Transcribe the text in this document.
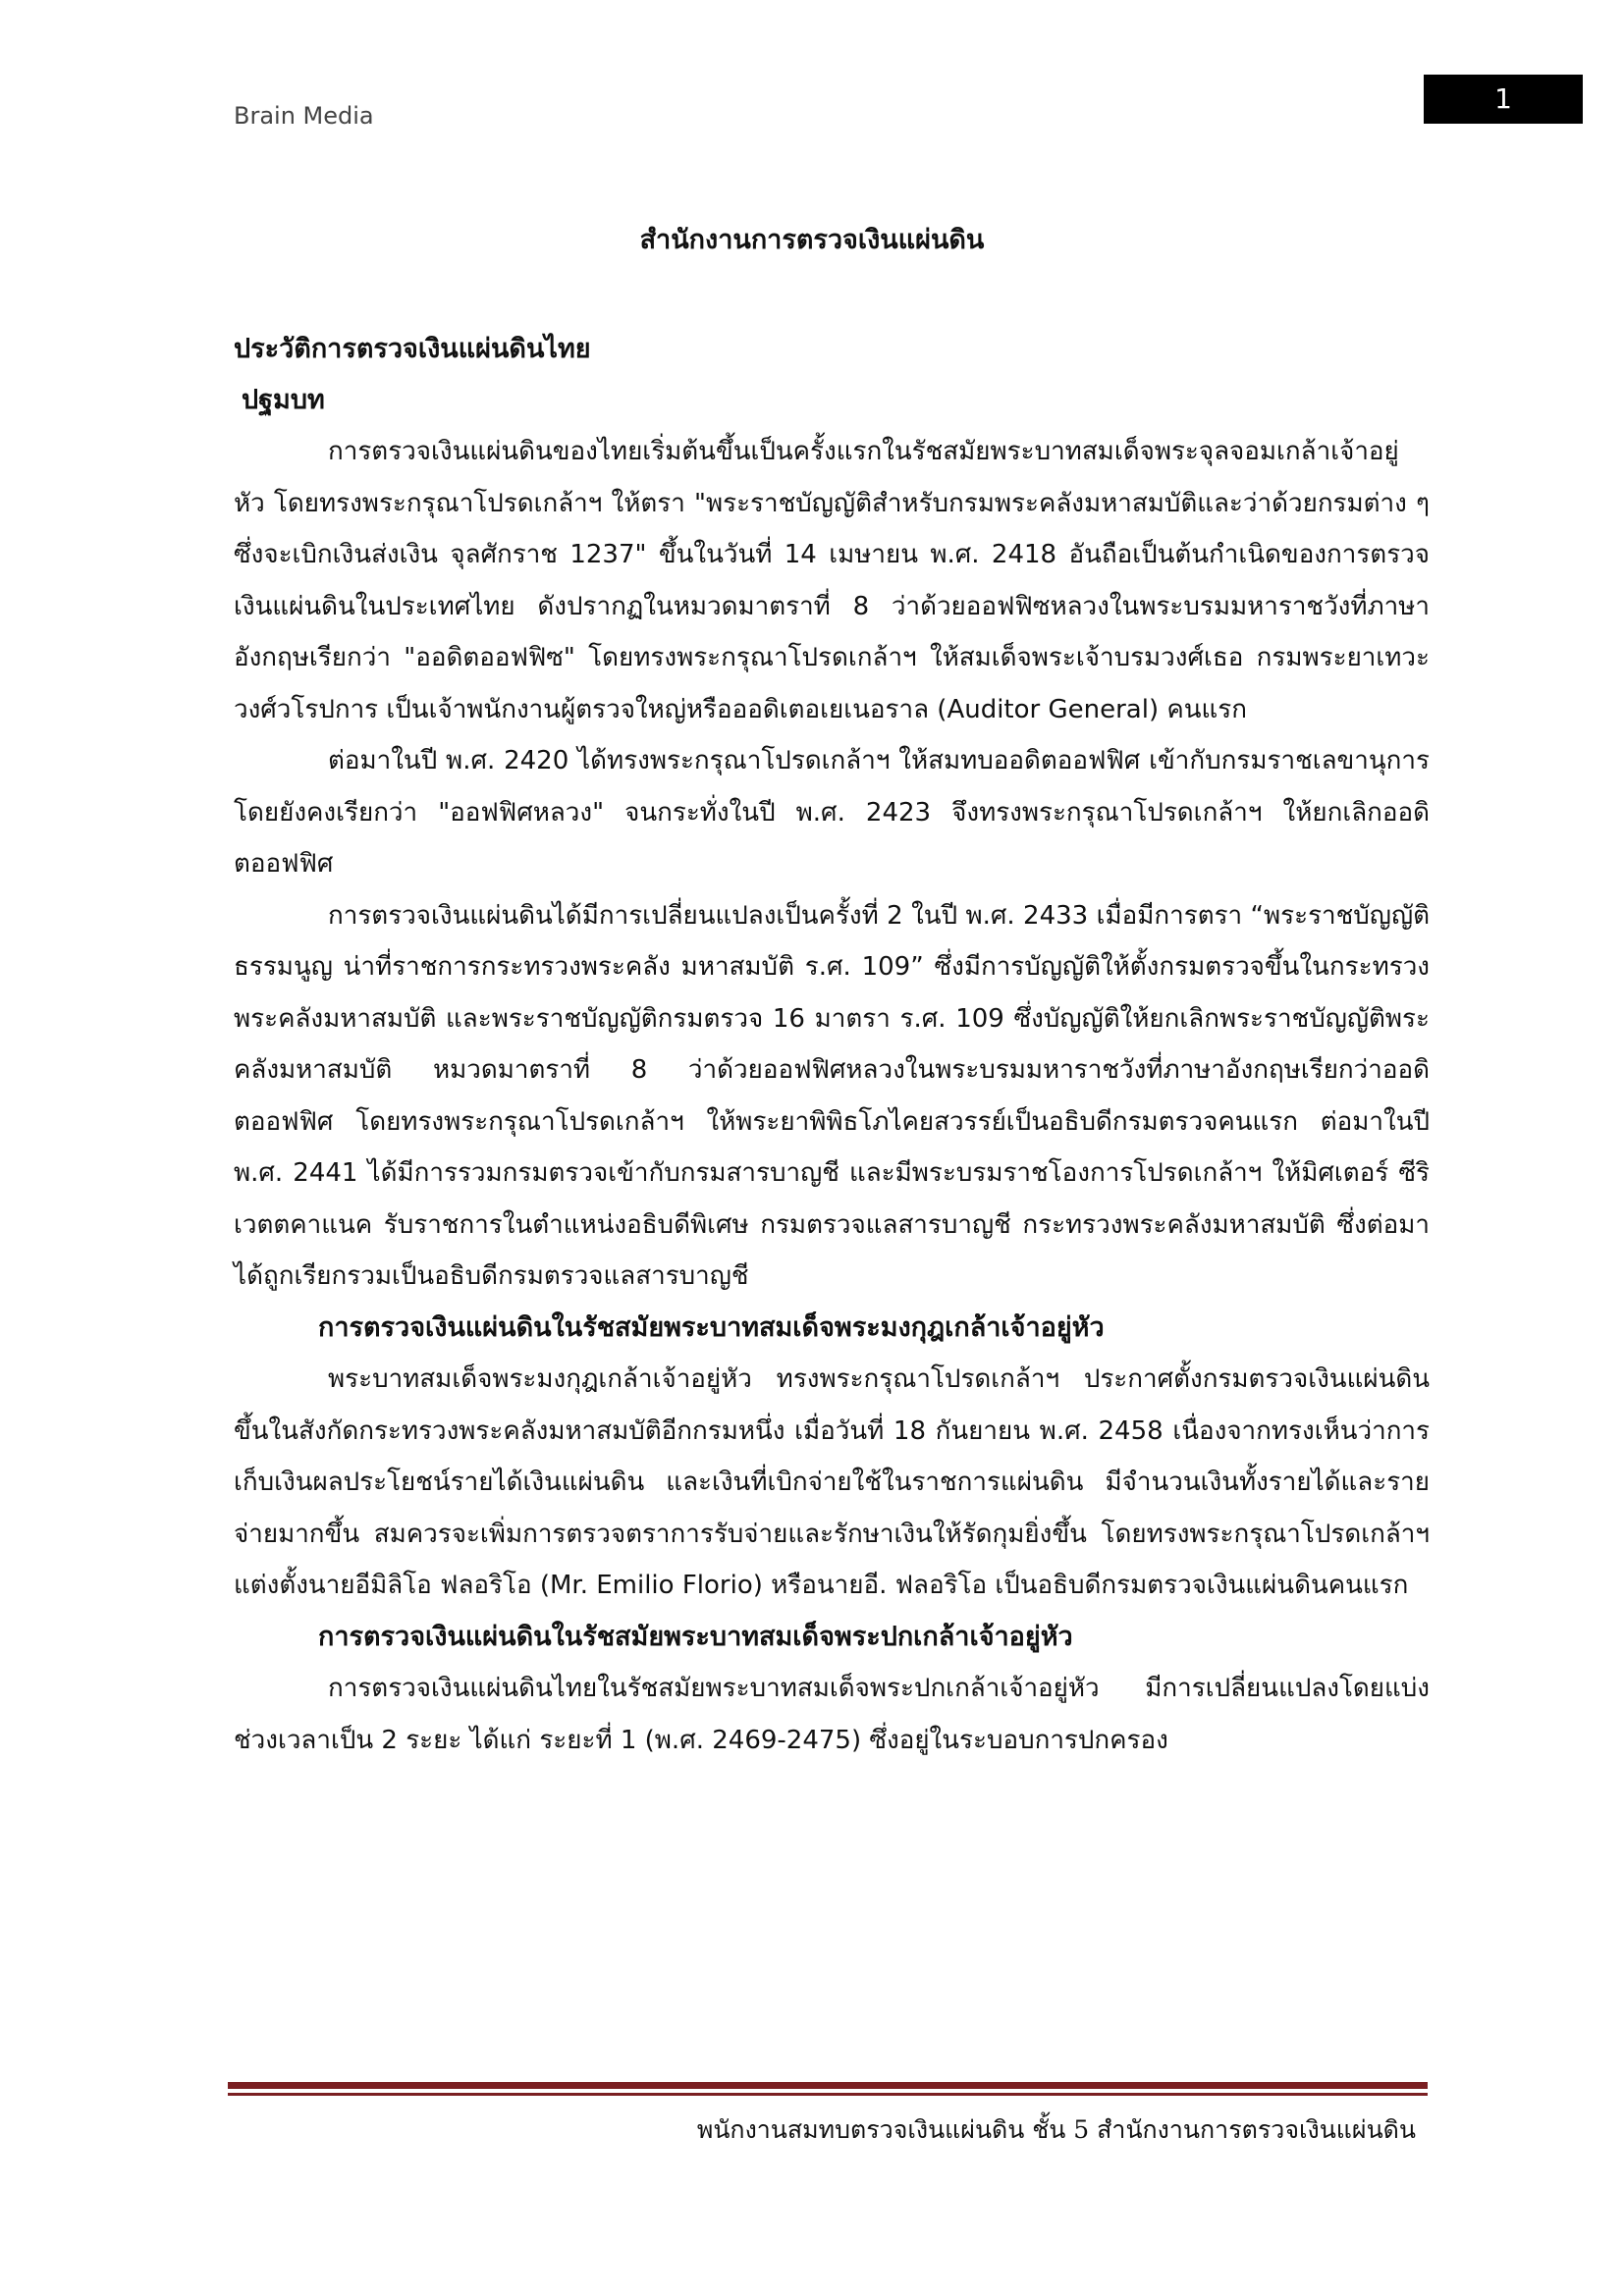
Brain Media
1
สำนักงานการตรวจเงินแผ่นดิน

ประวัติการตรวจเงินแผ่นดินไทย

ปฐมบท

การตรวจเงินแผ่นดินของไทยเริ่มต้นขึ้นเป็นครั้งแรกในรัชสมัยพระบาทสมเด็จพระจุลจอมเกล้าเจ้าอยู่หัว โดยทรงพระกรุณาโปรดเกล้าฯ ให้ตรา "พระราชบัญญัติสำหรับกรมพระคลังมหาสมบัติและว่าด้วยกรมต่าง ๆ ซึ่งจะเบิกเงินส่งเงิน จุลศักราช 1237" ขึ้นในวันที่ 14 เมษายน พ.ศ. 2418 อันถือเป็นต้นกำเนิดของการตรวจเงินแผ่นดินในประเทศไทย ดังปรากฏในหมวดมาตราที่ 8 ว่าด้วยออฟฟิซหลวงในพระบรมมหาราชวังที่ภาษาอังกฤษเรียกว่า "ออดิตออฟฟิซ" โดยทรงพระกรุณาโปรดเกล้าฯ ให้สมเด็จพระเจ้าบรมวงศ์เธอ กรมพระยาเทวะวงศ์วโรปการ เป็นเจ้าพนักงานผู้ตรวจใหญ่หรือออดิเตอเยเนอราล (Auditor General) คนแรก

ต่อมาในปี พ.ศ. 2420 ได้ทรงพระกรุณาโปรดเกล้าฯ ให้สมทบออดิตออฟฟิศ เข้ากับกรมราชเลขานุการโดยยังคงเรียกว่า "ออฟฟิศหลวง" จนกระทั่งในปี พ.ศ. 2423 จึงทรงพระกรุณาโปรดเกล้าฯ ให้ยกเลิกออดิตออฟฟิศ

การตรวจเงินแผ่นดินได้มีการเปลี่ยนแปลงเป็นครั้งที่ 2 ในปี พ.ศ. 2433 เมื่อมีการตรา “พระราชบัญญัติธรรมนูญ น่าที่ราชการกระทรวงพระคลัง มหาสมบัติ ร.ศ. 109” ซึ่งมีการบัญญัติให้ตั้งกรมตรวจขึ้นในกระทรวงพระคลังมหาสมบัติ และพระราชบัญญัติกรมตรวจ 16 มาตรา ร.ศ. 109 ซึ่งบัญญัติให้ยกเลิกพระราชบัญญัติพระคลังมหาสมบัติ หมวดมาตราที่ 8 ว่าด้วยออฟฟิศหลวงในพระบรมมหาราชวังที่ภาษาอังกฤษเรียกว่าออดิตออฟฟิศ โดยทรงพระกรุณาโปรดเกล้าฯ ให้พระยาพิพิธโภไคยสวรรย์เป็นอธิบดีกรมตรวจคนแรก ต่อมาในปี พ.ศ. 2441 ได้มีการรวมกรมตรวจเข้ากับกรมสารบาญชี และมีพระบรมราชโองการโปรดเกล้าฯ ให้มิศเตอร์ ซีริเวตตคาแนค รับราชการในตำแหน่งอธิบดีพิเศษ กรมตรวจแลสารบาญชี กระทรวงพระคลังมหาสมบัติ ซึ่งต่อมาได้ถูกเรียกรวมเป็นอธิบดีกรมตรวจแลสารบาญชี

การตรวจเงินแผ่นดินในรัชสมัยพระบาทสมเด็จพระมงกุฎเกล้าเจ้าอยู่หัว

พระบาทสมเด็จพระมงกุฎเกล้าเจ้าอยู่หัว ทรงพระกรุณาโปรดเกล้าฯ ประกาศตั้งกรมตรวจเงินแผ่นดินขึ้นในสังกัดกระทรวงพระคลังมหาสมบัติอีกกรมหนึ่ง เมื่อวันที่ 18 กันยายน พ.ศ. 2458 เนื่องจากทรงเห็นว่าการเก็บเงินผลประโยชน์รายได้เงินแผ่นดิน และเงินที่เบิกจ่ายใช้ในราชการแผ่นดิน มีจำนวนเงินทั้งรายได้และรายจ่ายมากขึ้น สมควรจะเพิ่มการตรวจตราการรับจ่ายและรักษาเงินให้รัดกุมยิ่งขึ้น โดยทรงพระกรุณาโปรดเกล้าฯ แต่งตั้งนายอีมิลิโอ ฟลอริโอ (Mr. Emilio Florio) หรือนายอี. ฟลอริโอ เป็นอธิบดีกรมตรวจเงินแผ่นดินคนแรก

การตรวจเงินแผ่นดินในรัชสมัยพระบาทสมเด็จพระปกเกล้าเจ้าอยู่หัว

การตรวจเงินแผ่นดินไทยในรัชสมัยพระบาทสมเด็จพระปกเกล้าเจ้าอยู่หัว มีการเปลี่ยนแปลงโดยแบ่งช่วงเวลาเป็น 2 ระยะ ได้แก่ ระยะที่ 1 (พ.ศ. 2469-2475) ซึ่งอยู่ในระบอบการปกครอง

พนักงานสมทบตรวจเงินแผ่นดิน ชั้น 5 สำนักงานการตรวจเงินแผ่นดิน
